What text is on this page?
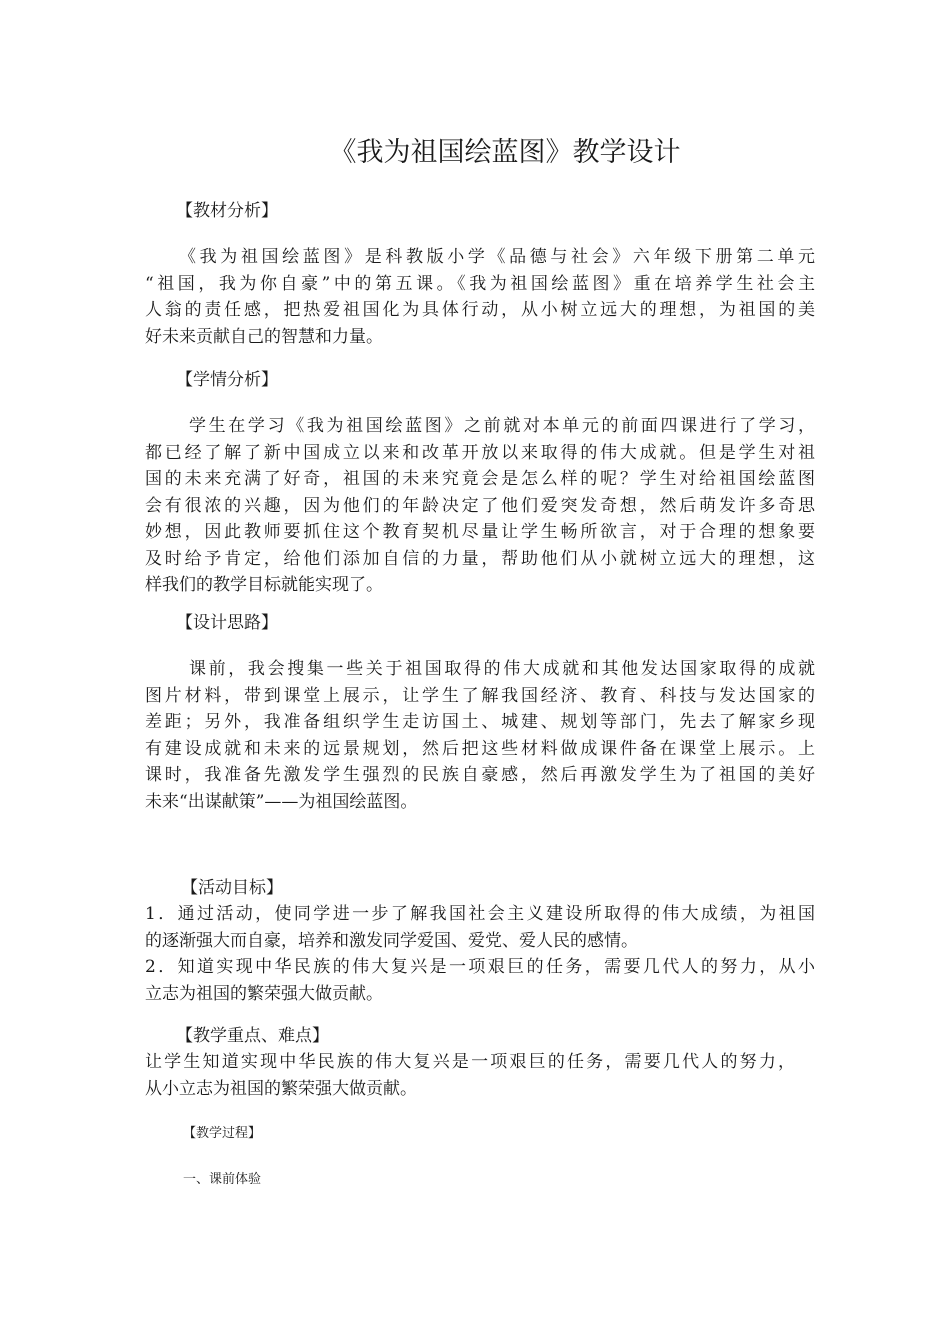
《我为祖国绘蓝图》教学设计
【教材分析】
《我为祖国绘蓝图》是科教版小学《品德与社会》六年级下册第二单元
“祖国，我为你自豪”中的第五课。《我为祖国绘蓝图》重在培养学生社会主
人翁的责任感，把热爱祖国化为具体行动，从小树立远大的理想，为祖国的美
好未来贡献自己的智慧和力量。
【学情分析】
学生在学习《我为祖国绘蓝图》之前就对本单元的前面四课进行了学习，
都已经了解了新中国成立以来和改革开放以来取得的伟大成就。但是学生对祖
国的未来充满了好奇，祖国的未来究竟会是怎么样的呢？学生对给祖国绘蓝图
会有很浓的兴趣，因为他们的年龄决定了他们爱突发奇想，然后萌发许多奇思
妙想，因此教师要抓住这个教育契机尽量让学生畅所欲言，对于合理的想象要
及时给予肯定，给他们添加自信的力量，帮助他们从小就树立远大的理想，这
样我们的教学目标就能实现了。
【设计思路】
课前，我会搜集一些关于祖国取得的伟大成就和其他发达国家取得的成就
图片材料，带到课堂上展示，让学生了解我国经济、教育、科技与发达国家的
差距；另外，我准备组织学生走访国土、城建、规划等部门，先去了解家乡现
有建设成就和未来的远景规划，然后把这些材料做成课件备在课堂上展示。上
课时，我准备先激发学生强烈的民族自豪感，然后再激发学生为了祖国的美好
未来“出谋献策”——为祖国绘蓝图。
【活动目标】
1．通过活动，使同学进一步了解我国社会主义建设所取得的伟大成绩，为祖国
的逐渐强大而自豪，培养和激发同学爱国、爱党、爱人民的感情。
2．知道实现中华民族的伟大复兴是一项艰巨的任务，需要几代人的努力，从小
立志为祖国的繁荣强大做贡献。
【教学重点、难点】
让学生知道实现中华民族的伟大复兴是一项艰巨的任务，需要几代人的努力，
从小立志为祖国的繁荣强大做贡献。
【教学过程】
一、课前体验
